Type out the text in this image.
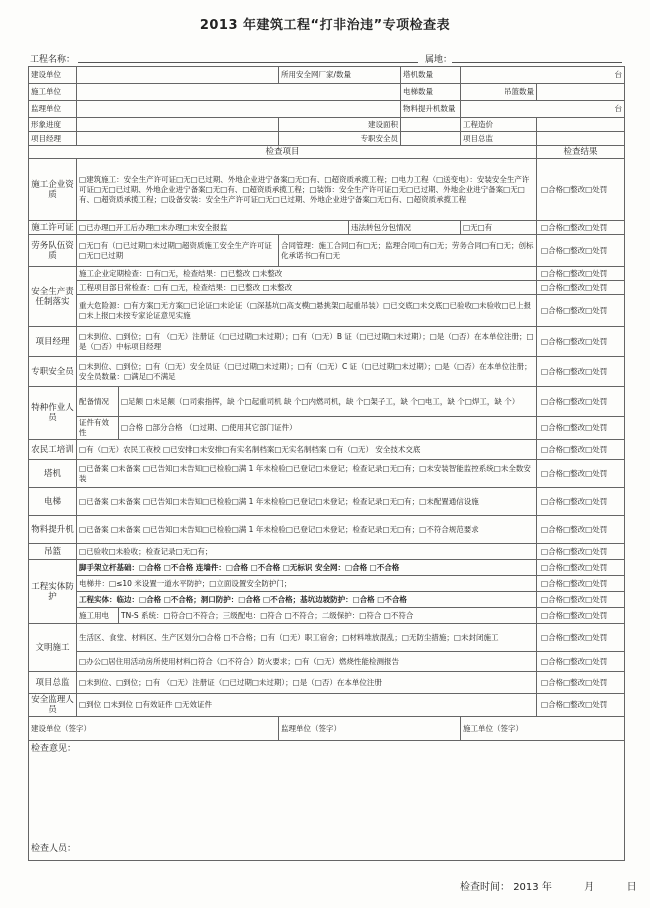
2013 年建筑工程“打非治违”专项检查表
工程名称：	属地：
建设单位			所用安全网厂家/数量		塔机数量	台	
施工单位					电梯数量	吊篮数量	
监理单位					物料提升机数量	台	
形象进度			建设面积			工程造价	
项目经理			专职安全员			项目总监	
检查项目							检查结果
施工企业资质	□建筑施工：安全生产许可证□无□已过期、外地企业进宁备案□无□有、□超资质承揽工程；□电力工程（□送变电）：安装安全生产许可证□无□已过期、外地企业进宁备案□无□有、□超资质承揽工程；□装饰：安全生产许可证□无□已过期、外地企业进宁备案□无□有、□超资质承揽工程；□设备安装：安全生产许可证□无□已过期、外地企业进宁备案□无□有、□超资质承揽工程						□合格□整改□处罚
施工许可证	□已办理□开工后办理□未办理□未安全报监			违法转包分包情况		□无□有	□合格□整改□处罚
劳务队伍资质	□无□有（□已过期□未过期□超资质施工安全生产许可证□无□已过期		合同管理：施工合同□有□无；监理合同□有□无；劳务合同□有□无；创标化承诺书□有□无				□合格□整改□处罚
安全生产责任制落实	施工企业定期检查：□有□无，检查结果：□已整改 □未整改						□合格□整改□处罚
	工程项目部日常检查：□有 □无，检查结果：□已整改 □未整改						□合格□整改□处罚
	重大危险源：□有方案□无方案□已论证□未论证（□深基坑□高支模□悬挑架□起重吊装）□已交底□未交底□已验收□未验收□已上报□未上报□未按专家论证意见实施						□合格□整改□处罚
项目经理	□未到位、□到位；□有 （□无）注册证（□已过期□未过期）；□有（□无）B 证（□已过期□未过期）；□是（□否）在本单位注册；□是（□否）中标项目经理						□合格□整改□处罚
专职安全员	□未到位、□到位；□有（□无）安全员证（□已过期□未过期）；□有（□无）C 证（□已过期□未过期）；□是（□否）在本单位注册；安全员数量：□满足□不满足						□合格□整改□处罚
特种作业人员	配备情况	□足额 □未足额（□司索指挥，缺 个□起重司机 缺 个□内燃司机，缺 个□架子工，缺 个□电工，缺 个□焊工，缺 个）					□合格□整改□处罚
	证件有效性	□合格 □部分合格 （□过期、□使用其它部门证件）					□合格□整改□处罚
农民工培训	□有（□无）农民工夜校 □已安排□未安排□有实名制档案□无实名制档案 □有（□无） 安全技术交底						□合格□整改□处罚
塔机	□已备案 □未备案 □已告知□未告知□已检验□满 1 年未检验□已登记□未登记；检查记录□无□有；□未安装智能监控系统□未全数安装						□合格□整改□处罚
电梯	□已备案 □未备案 □已告知□未告知□已检验□满 1 年未检验□已登记□未登记；检查记录□无□有；□未配置通信设施						□合格□整改□处罚
物料提升机	□已备案 □未备案 □已告知□未告知□已检验□满 1 年未检验□已登记□未登记；检查记录□无□有；□不符合规范要求						□合格□整改□处罚
吊篮	□已验收□未验收；检查记录□无□有；						□合格□整改□处罚
工程实体防护	脚手架立杆基础：□合格 □不合格 连墙件：□合格 □不合格 □无标识 安全网：□合格 □不合格						□合格□整改□处罚
	电梯井：□≤10 米设置一道水平防护；□立面设置安全防护门；						□合格□整改□处罚
	工程实体：临边：□合格 □不合格；洞口防护：□合格 □不合格；基坑边坡防护：□合格 □不合格						□合格□整改□处罚
	施工用电	TN-S 系统：□符合□不符合；三级配电：□符合 □不符合；二级保护：□符合 □不符合					□合格□整改□处罚
文明施工	生活区、食堂、材料区、生产区划分□合格 □不合格；□有（□无）职工宿舍；□材料堆放混乱；□无防尘措施；□未封闭施工						□合格□整改□处罚
	□办公□居住用活动房所使用材料□符合（□不符合）防火要求；□有（□无）燃烧性能检测报告						□合格□整改□处罚
项目总监	□未到位、□到位；□有 （□无）注册证（□已过期□未过期）；□是（□否）在本单位注册						□合格□整改□处罚
安全监理人员	□到位 □未到位 □有效证件 □无效证件						□合格□整改□处罚
建设单位（签字）			监理单位（签字）			施工单位（签字）	

检查意见：
检查人员：							
检查时间： 2013 年	月	日
